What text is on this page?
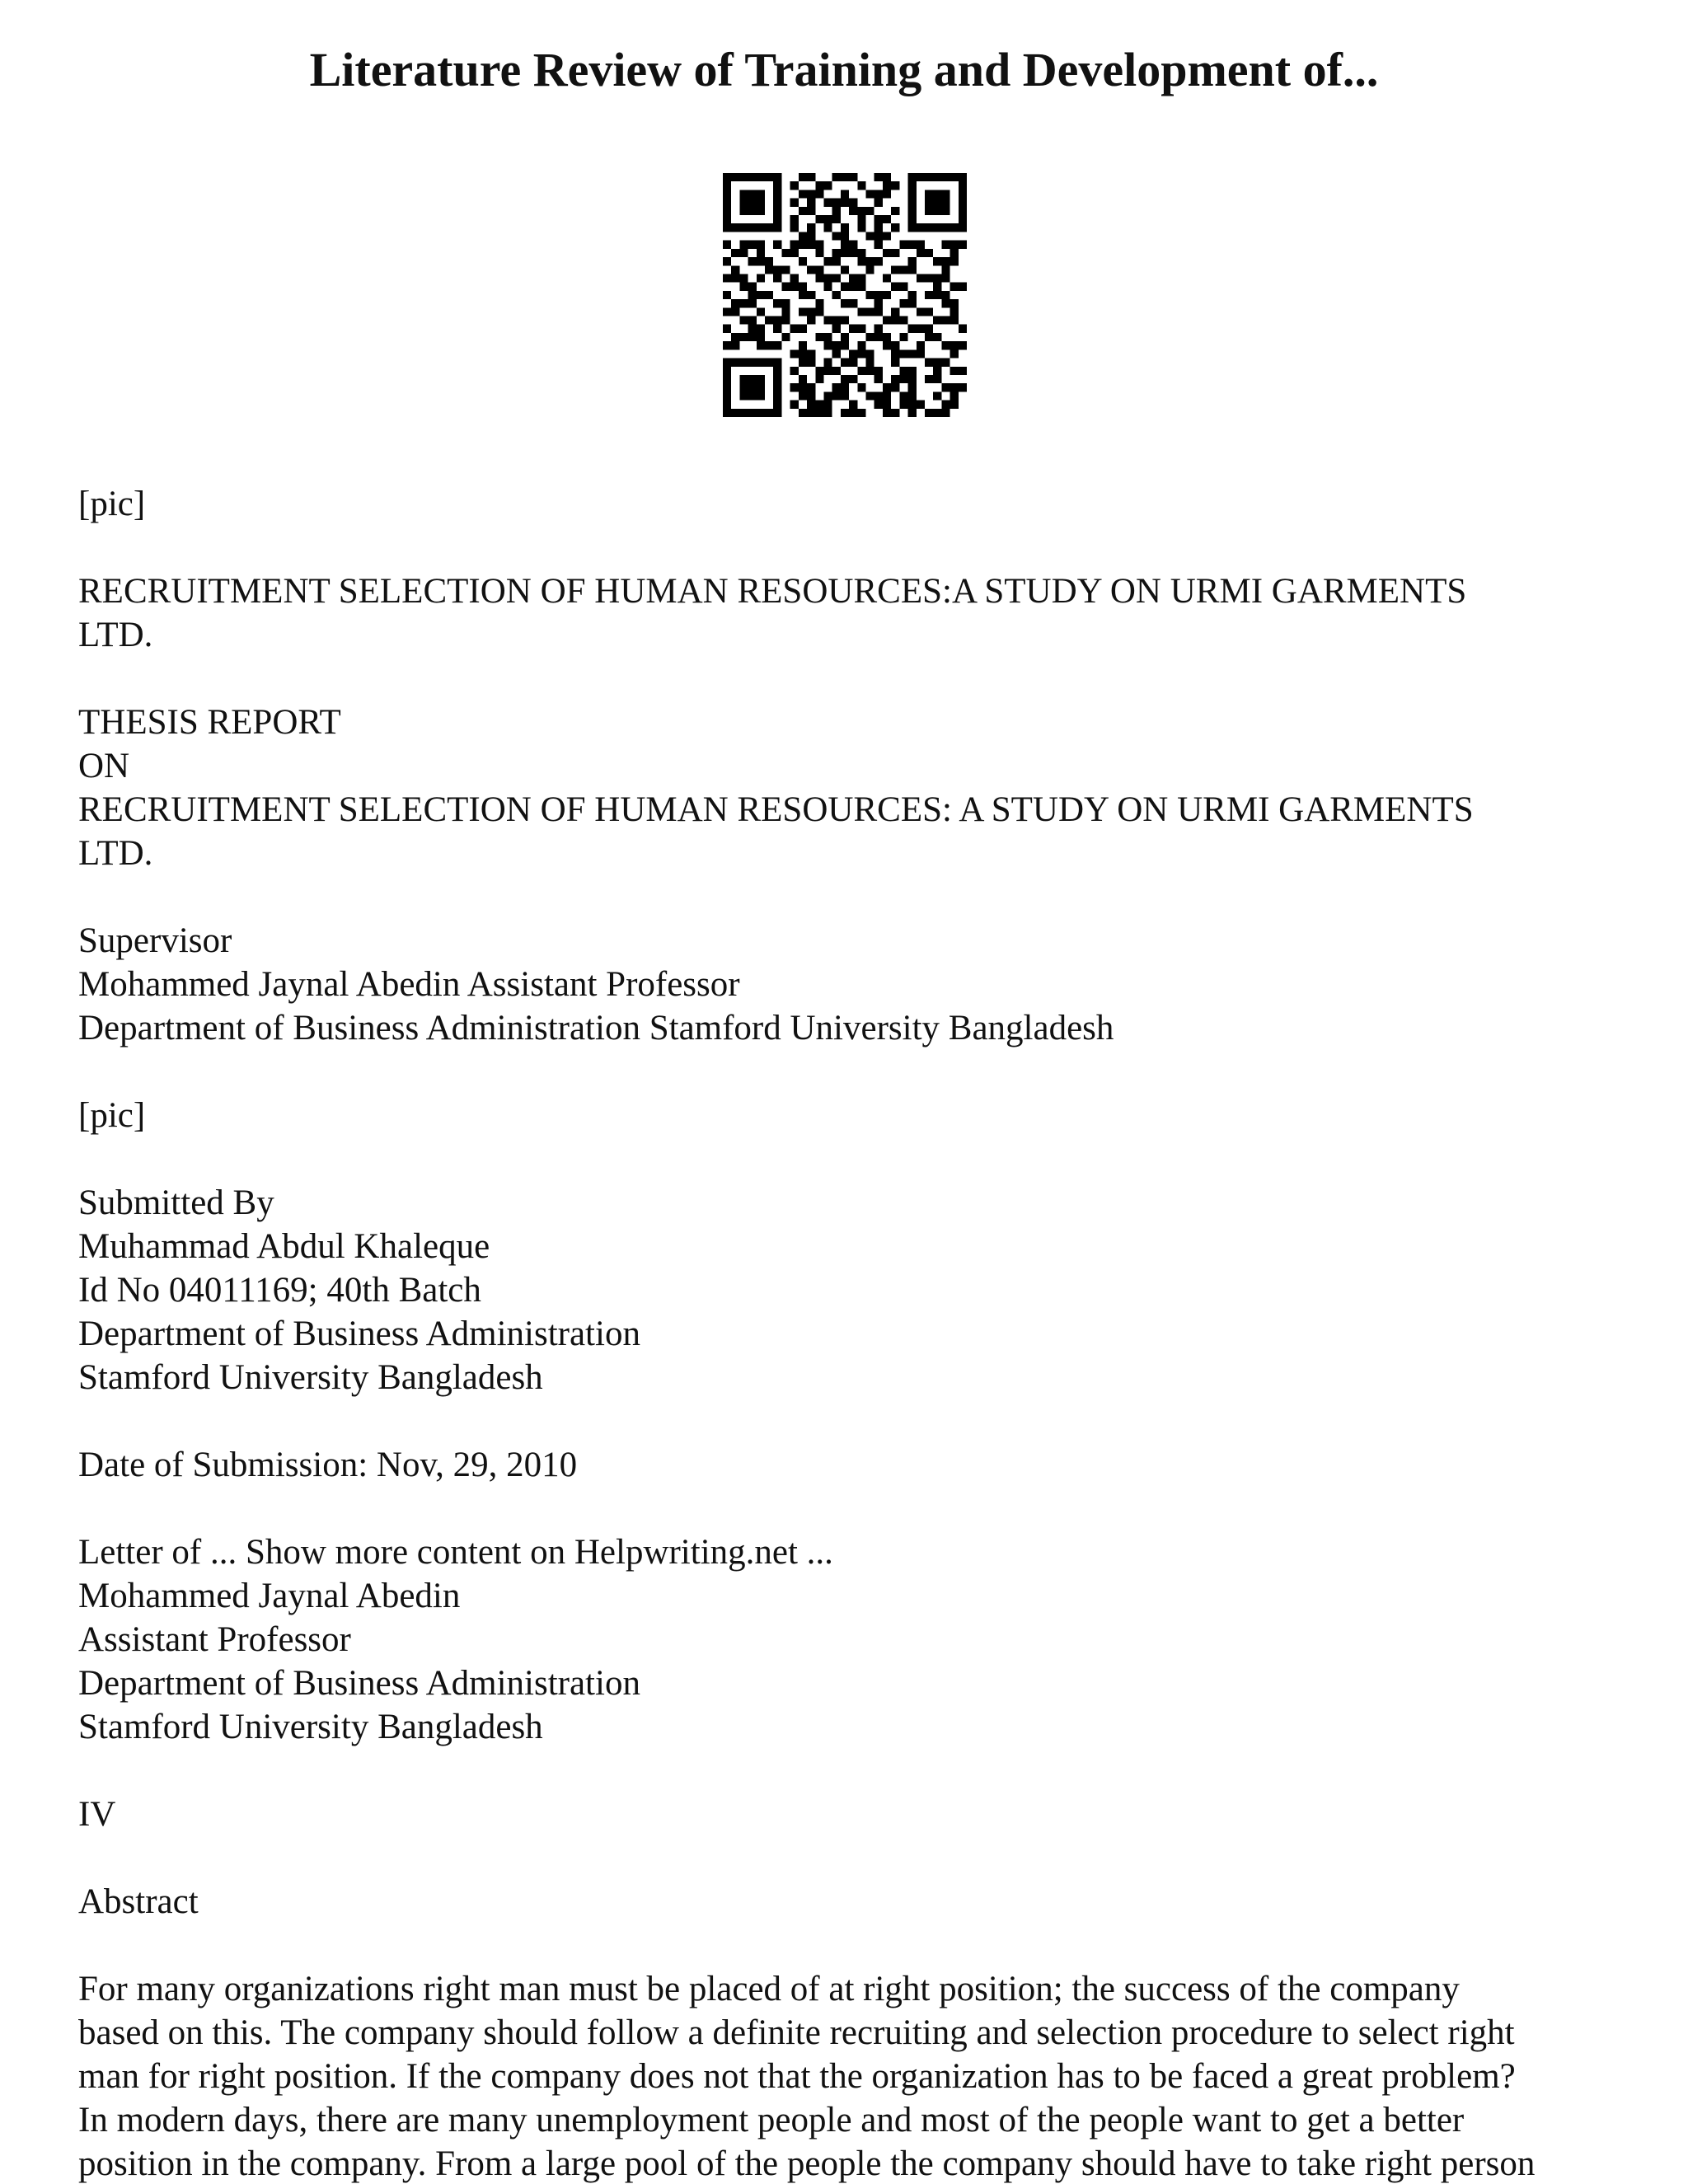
Literature Review of Training and Development of...

[pic]

RECRUITMENT SELECTION OF HUMAN RESOURCES:A STUDY ON URMI GARMENTS
LTD.

THESIS REPORT
ON
RECRUITMENT SELECTION OF HUMAN RESOURCES: A STUDY ON URMI GARMENTS
LTD.

Supervisor
Mohammed Jaynal Abedin Assistant Professor
Department of Business Administration Stamford University Bangladesh

[pic]

Submitted By
Muhammad Abdul Khaleque
Id No 04011169; 40th Batch
Department of Business Administration
Stamford University Bangladesh

Date of Submission: Nov, 29, 2010

Letter of ... Show more content on Helpwriting.net ...
Mohammed Jaynal Abedin
Assistant Professor
Department of Business Administration
Stamford University Bangladesh

IV

Abstract

For many organizations right man must be placed of at right position; the success of the company
based on this. The company should follow a definite recruiting and selection procedure to select right
man for right position. If the company does not that the organization has to be faced a great problem?
In modern days, there are many unemployment people and most of the people want to get a better
position in the company. From a large pool of the people the company should have to take right person
